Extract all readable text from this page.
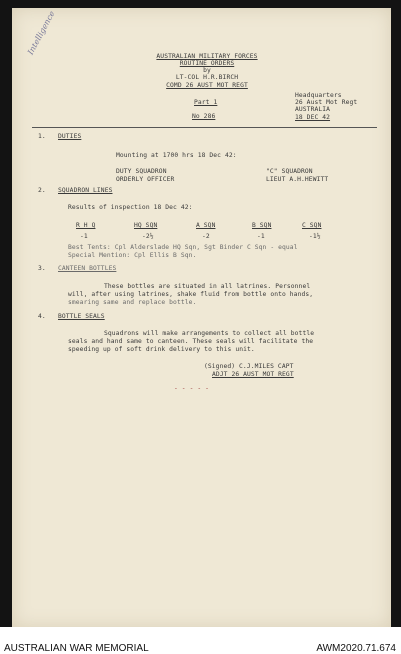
Intelligence
AUSTRALIAN MILITARY FORCES
ROUTINE ORDERS
by
LT-COL H.R.BIRCH
COMD 26 AUST MOT REGT
Part 1
No 286
Headquarters
26 Aust Mot Regt
AUSTRALIA
18 DEC 42
1. DUTIES
Mounting at 1700 hrs 18 Dec 42:
DUTY SQUADRON	"C" SQUADRON
ORDERLY OFFICER	LIEUT A.H.HEWITT
2. SQUADRON LINES
Results of inspection 18 Dec 42:
R H Q	HQ SQN	A SQN	B SQN	C SQN
-1	-2½	-2	-1	-1½
Best Tents: Cpl Alderslade HQ Sqn, Sgt Binder C Sqn - equal
Special Mention: Cpl Ellis B Sqn.
3. CANTEEN BOTTLES
These bottles are situated in all latrines. Personnel
will, after using latrines, shake fluid from bottle onto hands,
smearing same and replace bottle.
4. BOTTLE SEALS
Squadrons will make arrangements to collect all bottle
seals and hand same to canteen. These seals will facilitate the
speeding up of soft drink delivery to this unit.
(Signed) C.J.MILES CAPT
ADJT 26 AUST MOT REGT
- - - - -
AUSTRALIAN WAR MEMORIAL	AWM2020.71.674
